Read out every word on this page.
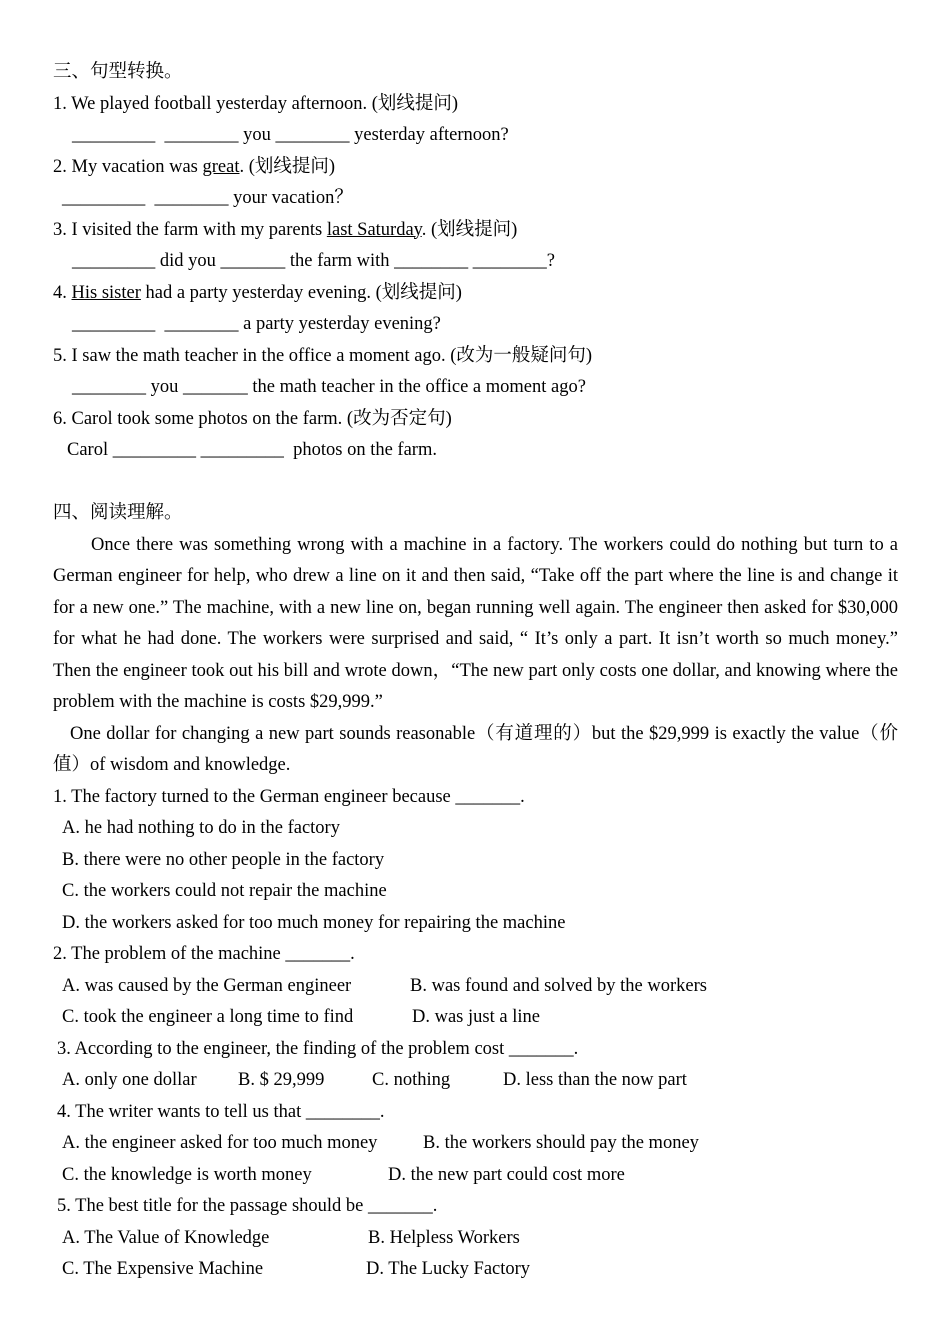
三、句型转换。
1. We played football yesterday afternoon. (划线提问)
_________  ________ you ________ yesterday afternoon?
2. My vacation was great. (划线提问)
_________  ________ your vacation？
3. I visited the farm with my parents last Saturday. (划线提问)
_________ did you _______ the farm with ________ ________?
4. His sister had a party yesterday evening. (划线提问)
_________  ________ a party yesterday evening?
5. I saw the math teacher in the office a moment ago. (改为一般疑问句)
________ you _______ the math teacher in the office a moment ago?
6. Carol took some photos on the farm. (改为否定句)
Carol _________ _________  photos on the farm.
四、阅读理解。
Once there was something wrong with a machine in a factory. The workers could do nothing but turn to a German engineer for help, who drew a line on it and then said, “Take off the part where the line is and change it for a new one.” The machine, with a new line on, began running well again. The engineer then asked for $30,000 for what he had done. The workers were surprised and said, “ It’s only a part. It isn’t worth so much money.” Then the engineer took out his bill and wrote down，“The new part only costs one dollar, and knowing where the problem with the machine is costs $29,999.”
One dollar for changing a new part sounds reasonable（有道理的）but the $29,999 is exactly the value（价值）of wisdom and knowledge.
1. The factory turned to the German engineer because _______.
A. he had nothing to do in the factory
B. there were no other people in the factory
C. the workers could not repair the machine
D. the workers asked for too much money for repairing the machine
2. The problem of the machine _______.
A. was caused by the German engineer	B. was found and solved by the workers
C. took the engineer a long time to find	D. was just a line
3. According to the engineer, the finding of the problem cost _______.
A. only one dollar	B. $ 29,999	C. nothing	D. less than the now part
4. The writer wants to tell us that ________.
A. the engineer asked for too much money	B. the workers should pay the money
C. the knowledge is worth money	D. the new part could cost more
5. The best title for the passage should be _______.
A. The Value of Knowledge	B. Helpless Workers
C. The Expensive Machine	D. The Lucky Factory
